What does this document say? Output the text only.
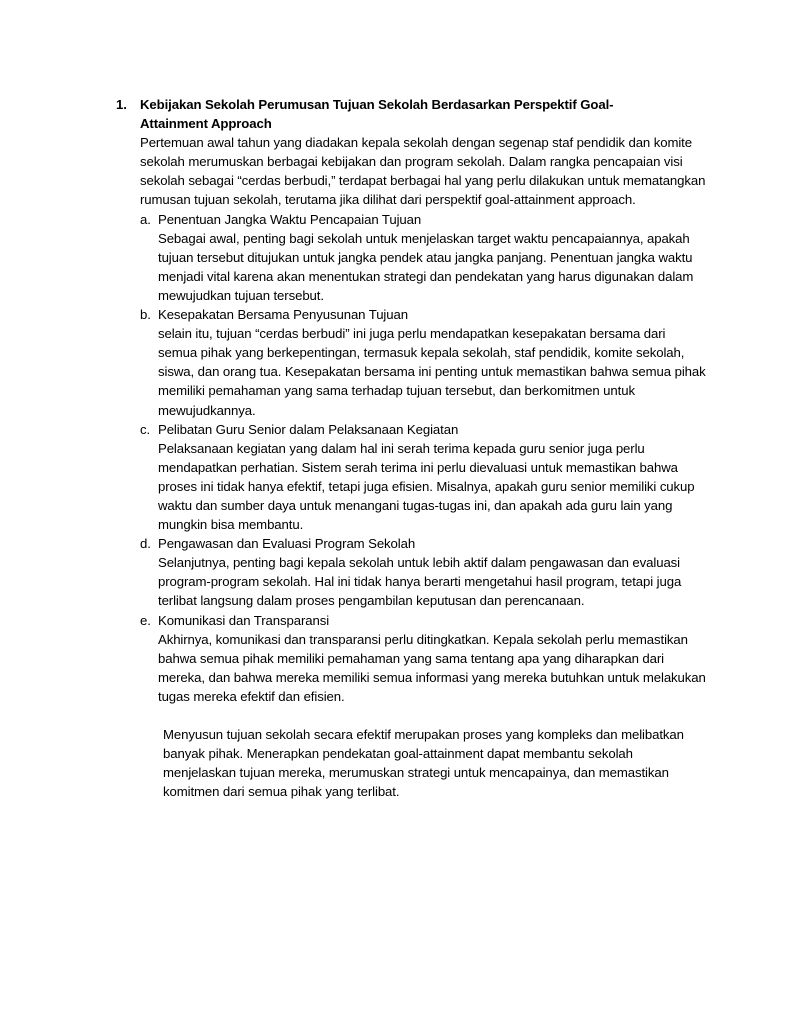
1. Kebijakan Sekolah Perumusan Tujuan Sekolah Berdasarkan Perspektif Goal-Attainment Approach

Pertemuan awal tahun yang diadakan kepala sekolah dengan segenap staf pendidik dan komite sekolah merumuskan berbagai kebijakan dan program sekolah. Dalam rangka pencapaian visi sekolah sebagai “cerdas berbudi,” terdapat berbagai hal yang perlu dilakukan untuk mematangkan rumusan tujuan sekolah, terutama jika dilihat dari perspektif goal-attainment approach.

a. Penentuan Jangka Waktu Pencapaian Tujuan

Sebagai awal, penting bagi sekolah untuk menjelaskan target waktu pencapaiannya, apakah tujuan tersebut ditujukan untuk jangka pendek atau jangka panjang. Penentuan jangka waktu menjadi vital karena akan menentukan strategi dan pendekatan yang harus digunakan dalam mewujudkan tujuan tersebut.

b. Kesepakatan Bersama Penyusunan Tujuan

selain itu, tujuan “cerdas berbudi” ini juga perlu mendapatkan kesepakatan bersama dari semua pihak yang berkepentingan, termasuk kepala sekolah, staf pendidik, komite sekolah, siswa, dan orang tua. Kesepakatan bersama ini penting untuk memastikan bahwa semua pihak memiliki pemahaman yang sama terhadap tujuan tersebut, dan berkomitmen untuk mewujudkannya.

c. Pelibatan Guru Senior dalam Pelaksanaan Kegiatan

Pelaksanaan kegiatan yang dalam hal ini serah terima kepada guru senior juga perlu mendapatkan perhatian. Sistem serah terima ini perlu dievaluasi untuk memastikan bahwa proses ini tidak hanya efektif, tetapi juga efisien. Misalnya, apakah guru senior memiliki cukup waktu dan sumber daya untuk menangani tugas-tugas ini, dan apakah ada guru lain yang mungkin bisa membantu.

d. Pengawasan dan Evaluasi Program Sekolah

Selanjutnya, penting bagi kepala sekolah untuk lebih aktif dalam pengawasan dan evaluasi program-program sekolah. Hal ini tidak hanya berarti mengetahui hasil program, tetapi juga terlibat langsung dalam proses pengambilan keputusan dan perencanaan.

e. Komunikasi dan Transparansi

Akhirnya, komunikasi dan transparansi perlu ditingkatkan. Kepala sekolah perlu memastikan bahwa semua pihak memiliki pemahaman yang sama tentang apa yang diharapkan dari mereka, dan bahwa mereka memiliki semua informasi yang mereka butuhkan untuk melakukan tugas mereka efektif dan efisien.

Menyusun tujuan sekolah secara efektif merupakan proses yang kompleks dan melibatkan banyak pihak. Menerapkan pendekatan goal-attainment dapat membantu sekolah menjelaskan tujuan mereka, merumuskan strategi untuk mencapainya, dan memastikan komitmen dari semua pihak yang terlibat.
